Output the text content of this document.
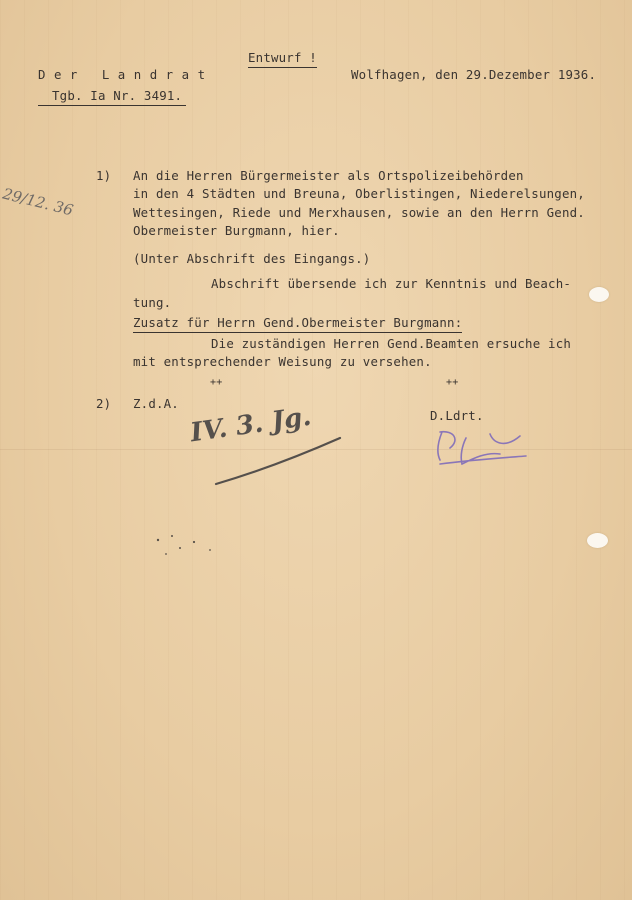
Entwurf !
Der Landrat
Tgb. Ia Nr. 3491.
Wolfhagen, den 29.Dezember 1936.
29/12. 36
1) An die Herren Bürgermeister als Ortspolizeibehörden
in den 4 Städten und Breuna, Oberlistingen, Niederelsungen,
Wettesingen, Riede und Merxhausen, sowie an den Herrn Gend.
Obermeister Burgmann, hier.
(Unter Abschrift des Eingangs.)
Abschrift übersende ich zur Kenntnis und Beach-
tung.
Zusatz für Herrn Gend.Obermeister Burgmann:
Die zuständigen Herren Gend.Beamten ersuche ich
mit entsprechender Weisung zu versehen.
++	++
2) Z.d.A.
D.Ldrt.
IV. 3. Jg.
